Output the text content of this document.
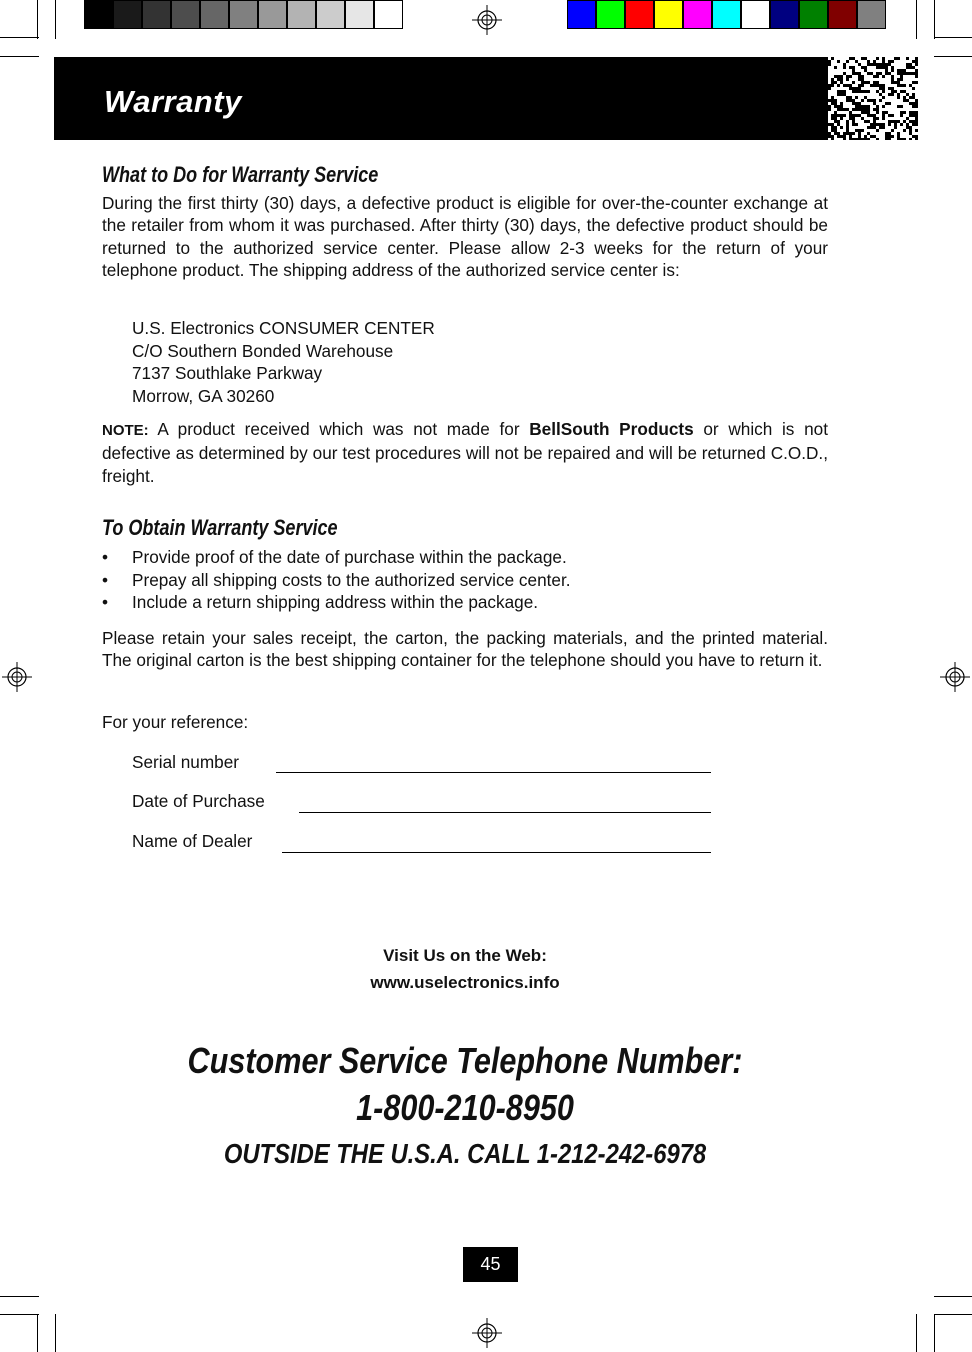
Warranty
What to Do for Warranty Service
During the first thirty (30) days, a defective product is eligible for over-the-counter exchange at the retailer from whom it was purchased. After thirty (30) days, the defective product should be returned to the authorized service center. Please allow 2-3 weeks for the return of your telephone product. The shipping address of the authorized service center is:
U.S. Electronics CONSUMER CENTER
C/O Southern Bonded Warehouse
7137 Southlake Parkway
Morrow, GA 30260
NOTE: A product received which was not made for BellSouth Products or which is not defective as determined by our test procedures will not be repaired and will be returned C.O.D., freight.
To Obtain Warranty Service
• Provide proof of the date of purchase within the package.
• Prepay all shipping costs to the authorized service center.
• Include a return shipping address within the package.
Please retain your sales receipt, the carton, the packing materials, and the printed material. The original carton is the best shipping container for the telephone should you have to return it.
For your reference:
Serial number
Date of Purchase
Name of Dealer
Visit Us on the Web:
www.uselectronics.info
Customer Service Telephone Number:
1-800-210-8950
OUTSIDE THE U.S.A. CALL 1-212-242-6978
45
